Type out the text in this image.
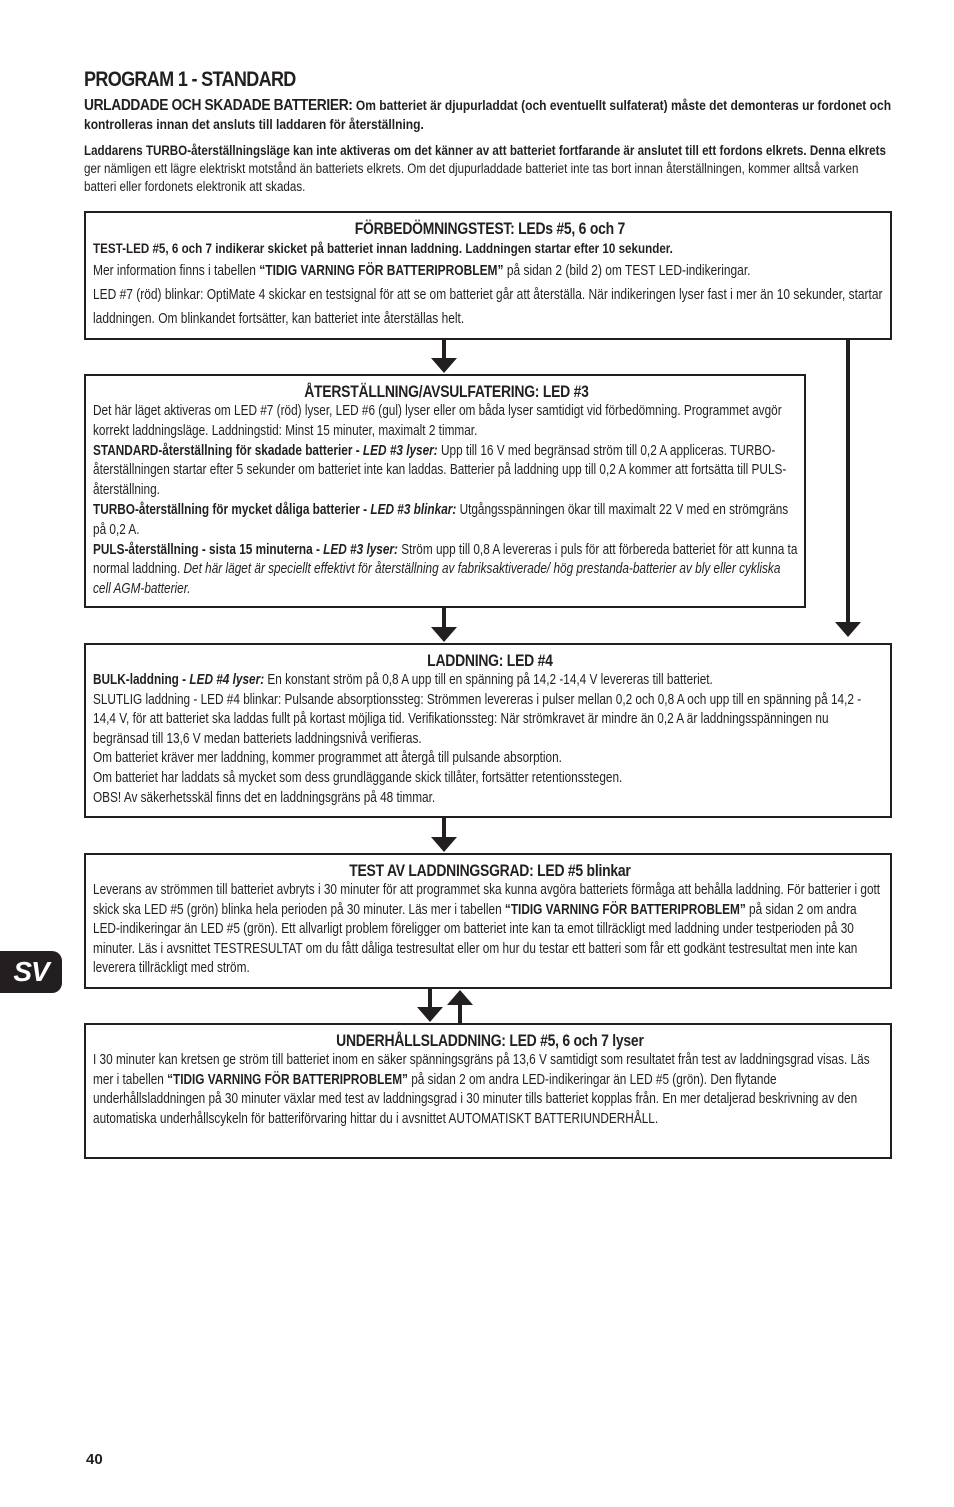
PROGRAM 1 - STANDARD

URLADDADE OCH SKADADE BATTERIER: Om batteriet är djupurladdat (och eventuellt sulfaterat) måste det demonteras ur fordonet och kontrolleras innan det ansluts till laddaren för återställning.

Laddarens TURBO-återställningsläge kan inte aktiveras om det känner av att batteriet fortfarande är anslutet till ett fordons elkrets. Denna elkrets ger nämligen ett lägre elektriskt motstånd än batteriets elkrets. Om det djupurladdade batteriet inte tas bort innan återställningen, kommer alltså varken batteri eller fordonets elektronik att skadas.

FÖRBEDÖMNINGSTEST: LEDs #5, 6 och 7

TEST-LED #5, 6 och 7 indikerar skicket på batteriet innan laddning. Laddningen startar efter 10 sekunder.

Mer information finns i tabellen “TIDIG VARNING FÖR BATTERIPROBLEM” på sidan 2 (bild 2) om TEST LED-indikeringar.

LED #7 (röd) blinkar: OptiMate 4 skickar en testsignal för att se om batteriet går att återställa. När indikeringen lyser fast i mer än 10 sekunder, startar laddningen. Om blinkandet fortsätter, kan batteriet inte återställas helt.

ÅTERSTÄLLNING/AVSULFATERING: LED #3

Det här läget aktiveras om LED #7 (röd) lyser, LED #6 (gul) lyser eller om båda lyser samtidigt vid förbedömning. Programmet avgör korrekt laddningsläge. Laddningstid: Minst 15 minuter, maximalt 2 timmar.

STANDARD-återställning för skadade batterier - LED #3 lyser: Upp till 16 V med begränsad ström till 0,2 A appliceras. TURBO-återställningen startar efter 5 sekunder om batteriet inte kan laddas. Batterier på laddning upp till 0,2 A kommer att fortsätta till PULS-återställning.

TURBO-återställning för mycket dåliga batterier - LED #3 blinkar: Utgångsspänningen ökar till maximalt 22 V med en strömgräns på 0,2 A.

PULS-återställning - sista 15 minuterna - LED #3 lyser: Ström upp till 0,8 A levereras i puls för att förbereda batteriet för att kunna ta normal laddning. Det här läget är speciellt effektivt för återställning av fabriksaktiverade/ hög prestanda-batterier av bly eller cykliska cell AGM-batterier.

LADDNING: LED #4

BULK-laddning - LED #4 lyser: En konstant ström på 0,8 A upp till en spänning på 14,2 -14,4 V levereras till batteriet.

SLUTLIG laddning - LED #4 blinkar: Pulsande absorptionssteg: Strömmen levereras i pulser mellan 0,2 och 0,8 A och upp till en spänning på 14,2 - 14,4 V, för att batteriet ska laddas fullt på kortast möjliga tid. Verifikationssteg: När strömkravet är mindre än 0,2 A är laddningsspänningen nu begränsad till 13,6 V medan batteriets laddningsnivå verifieras.

Om batteriet kräver mer laddning, kommer programmet att återgå till pulsande absorption.

Om batteriet har laddats så mycket som dess grundläggande skick tillåter, fortsätter retentionsstegen.

OBS! Av säkerhetsskäl finns det en laddningsgräns på 48 timmar.

TEST AV LADDNINGSGRAD: LED #5 blinkar

Leverans av strömmen till batteriet avbryts i 30 minuter för att programmet ska kunna avgöra batteriets förmåga att behålla laddning. För batterier i gott skick ska LED #5 (grön) blinka hela perioden på 30 minuter. Läs mer i tabellen “TIDIG VARNING FÖR BATTERIPROBLEM” på sidan 2 om andra LED-indikeringar än LED #5 (grön). Ett allvarligt problem föreligger om batteriet inte kan ta emot tillräckligt med laddning under testperioden på 30 minuter. Läs i avsnittet TESTRESULTAT om du fått dåliga testresultat eller om hur du testar ett batteri som får ett godkänt testresultat men inte kan leverera tillräckligt med ström.

UNDERHÅLLSLADDNING: LED #5, 6 och 7 lyser

I 30 minuter kan kretsen ge ström till batteriet inom en säker spänningsgräns på 13,6 V samtidigt som resultatet från test av laddningsgrad visas. Läs mer i tabellen “TIDIG VARNING FÖR BATTERIPROBLEM” på sidan 2 om andra LED-indikeringar än LED #5 (grön). Den flytande underhållsladdningen på 30 minuter växlar med test av laddningsgrad i 30 minuter tills batteriet kopplas från. En mer detaljerad beskrivning av den automatiska underhållscykeln för batteriförvaring hittar du i avsnittet AUTOMATISKT BATTERIUNDERHÅLL.

SV
40
